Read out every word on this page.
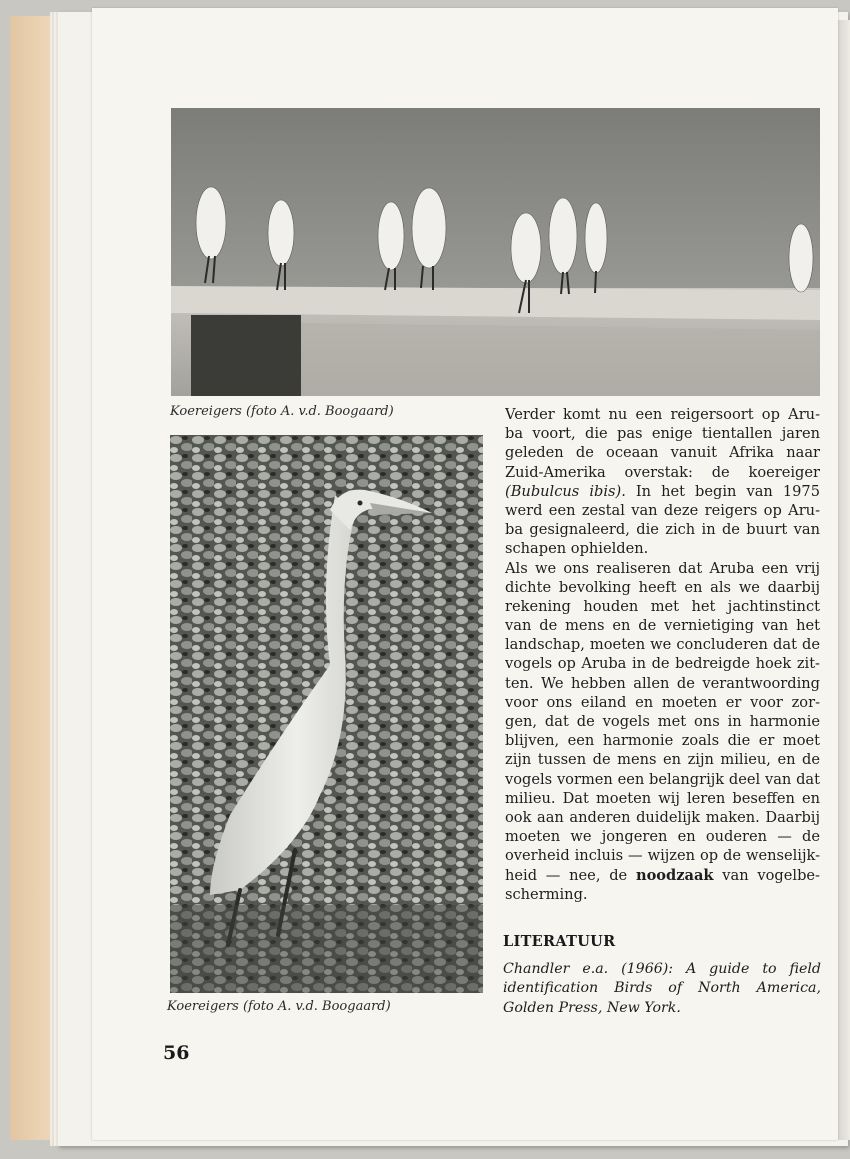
Koereigers (foto A. v.d. Boogaard)
Koereigers (foto A. v.d. Boogaard)
Verder komt nu een reigersoort op Aru-
ba voort, die pas enige tientallen jaren
geleden de oceaan vanuit Afrika naar
Zuid-Amerika overstak: de koereiger
(Bubulcus ibis). In het begin van 1975
werd een zestal van deze reigers op Aru-
ba gesignaleerd, die zich in de buurt van
schapen ophielden.
Als we ons realiseren dat Aruba een vrij
dichte bevolking heeft en als we daarbij
rekening houden met het jachtinstinct
van de mens en de vernietiging van het
landschap, moeten we concluderen dat de
vogels op Aruba in de bedreigde hoek zit-
ten. We hebben allen de verantwoording
voor ons eiland en moeten er voor zor-
gen, dat de vogels met ons in harmonie
blijven, een harmonie zoals die er moet
zijn tussen de mens en zijn milieu, en de
vogels vormen een belangrijk deel van dat
milieu. Dat moeten wij leren beseffen en
ook aan anderen duidelijk maken. Daarbij
moeten we jongeren en ouderen — de
overheid incluis — wijzen op de wenselijk-
heid — nee, de noodzaak van vogelbe-
scherming.
LITERATUUR
Chandler e.a. (1966): A guide to field
identification Birds of North America,
Golden Press, New York.
56
